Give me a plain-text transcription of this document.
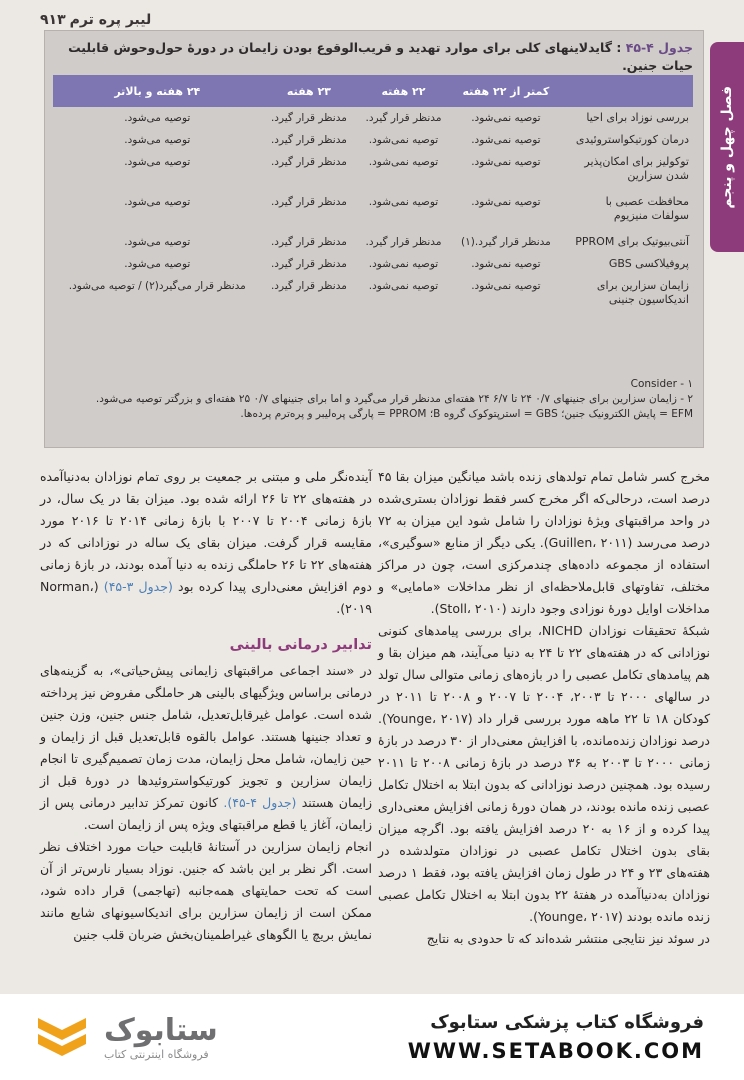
لیبر پره ترم
۹۱۳
فصل چهل و پنجم
جدول ۴-۴۵ : گایدلاینهای کلی برای موارد تهدید و قریب‌الوقوع بودن زایمان در دورهٔ حول‌وحوش قابلیت حیات جنین.
	کمتر از ۲۲ هفته	۲۲ هفته	۲۳ هفته	۲۴ هفته و بالاتر
بررسی نوزاد برای احیا	توصیه نمی‌شود.	مدنظر قرار گیرد.	مدنظر قرار گیرد.	توصیه می‌شود.
درمان کورتیکواستروئیدی	توصیه نمی‌شود.	توصیه نمی‌شود.	مدنظر قرار گیرد.	توصیه می‌شود.
توکولیز برای امکان‌پذیر شدن سزارین	توصیه نمی‌شود.	توصیه نمی‌شود.	مدنظر قرار گیرد.	توصیه می‌شود.
محافظت عصبی با سولفات منیزیوم	توصیه نمی‌شود.	توصیه نمی‌شود.	مدنظر قرار گیرد.	توصیه می‌شود.
آنتی‌بیوتیک برای PPROM	مدنظر قرار گیرد.(۱)	مدنظر قرار گیرد.	مدنظر قرار گیرد.	توصیه می‌شود.
پروفیلاکسی GBS	توصیه نمی‌شود.	توصیه نمی‌شود.	مدنظر قرار گیرد.	توصیه می‌شود.
زایمان سزارین برای اندیکاسیون جنینی	توصیه نمی‌شود.	توصیه نمی‌شود.	مدنظر قرار گیرد.	مدنظر قرار می‌گیرد(۲) / توصیه می‌شود.
۱ - Consider
۲ - زایمان سزارین برای جنینهای ۰/۷ ۲۴ تا ۶/۷ ۲۴ هفته‌ای مدنظر قرار می‌گیرد و اما برای جنینهای ۰/۷ ۲۵ هفته‌ای و بزرگتر توصیه می‌شود.
EFM = پایش الکترونیک جنین؛ GBS = استرپتوکوک گروه B؛ PPROM = پارگی پره‌لیبر و پره‌ترم پرده‌ها.

مخرج کسر شامل تمام تولدهای زنده باشد میانگین میزان بقا ۴۵ درصد است، درحالی‌که اگر مخرج کسر فقط نوزادان بستری‌شده در واحد مراقبتهای ویژهٔ نوزادان را شامل شود این میزان به ۷۲ درصد می‌رسد (Guillen، ۲۰۱۱). یکی دیگر از منابع «سوگیری»، استفاده از مجموعه داده‌های چندمرکزی است، چون در مراکز مختلف، تفاوتهای قابل‌ملاحظه‌ای از نظر مداخلات «مامایی» و مداخلات اوایل دورهٔ نوزادی وجود دارند (Stoll، ۲۰۱۰).

شبکهٔ تحقیقات نوزادان NICHD، برای بررسی پیامدهای کنونی نوزادانی که در هفته‌های ۲۲ تا ۲۴ به دنیا می‌آیند، هم میزان بقا و هم پیامدهای تکامل عصبی را در بازه‌های زمانی متوالی سال تولد در سالهای ۲۰۰۰ تا ۲۰۰۳، ۲۰۰۴ تا ۲۰۰۷ و ۲۰۰۸ تا ۲۰۱۱ در کودکان ۱۸ تا ۲۲ ماهه مورد بررسی قرار داد (Younge، ۲۰۱۷). درصد نوزادان زنده‌مانده، با افزایش معنی‌دار از ۳۰ درصد در بازهٔ زمانی ۲۰۰۰ تا ۲۰۰۳ به ۳۶ درصد در بازهٔ زمانی ۲۰۰۸ تا ۲۰۱۱ رسیده بود. همچنین درصد نوزادانی که بدون ابتلا به اختلال تکامل عصبی زنده مانده بودند، در همان دورهٔ زمانی افزایش معنی‌داری پیدا کرده و از ۱۶ به ۲۰ درصد افزایش یافته بود. اگرچه میزان بقای بدون اختلال تکامل عصبی در نوزادان متولدشده در هفته‌های ۲۳ و ۲۴ در طول زمان افزایش یافته بود، فقط ۱ درصد نوزادان به‌دنیاآمده در هفتهٔ ۲۲ بدون ابتلا به اختلال تکامل عصبی زنده مانده بودند (Younge، ۲۰۱۷).

در سوئد نیز نتایجی منتشر شده‌اند که تا حدودی به نتایج

آینده‌نگر ملی و مبتنی بر جمعیت بر روی تمام نوزادان به‌دنیاآمده در هفته‌های ۲۲ تا ۲۶ ارائه شده بود. میزان بقا در یک سال، در بازهٔ زمانی ۲۰۰۴ تا ۲۰۰۷ با بازهٔ زمانی ۲۰۱۴ تا ۲۰۱۶ مورد مقایسه قرار گرفت. میزان بقای یک ساله در نوزادانی که در هفته‌های ۲۲ تا ۲۶ حاملگی زنده به دنیا آمده بودند، در بازهٔ زمانی دوم افزایش معنی‌داری پیدا کرده بود (جدول ۳-۴۵) (Norman، ۲۰۱۹).

تدابیر درمانی بالینی

در «سند اجماعی مراقبتهای زایمانی پیش‌حیاتی»، به گزینه‌های درمانی براساس ویژگیهای بالینی هر حاملگی مفروض نیز پرداخته شده است. عوامل غیرقابل‌تعدیل، شامل جنس جنین، وزن جنین و تعداد جنینها هستند. عوامل بالقوه قابل‌تعدیل قبل از زایمان و حین زایمان، شامل محل زایمان، مدت زمان تصمیم‌گیری تا انجام زایمان سزارین و تجویز کورتیکواستروئیدها در دورهٔ قبل از زایمان هستند (جدول ۴-۴۵). کانون تمرکز تدابیر درمانی پس از زایمان، آغاز یا قطع مراقبتهای ویژه پس از زایمان است.

انجام زایمان سزارین در آستانهٔ قابلیت حیات مورد اختلاف نظر است. اگر نظر بر این باشد که جنین. نوزاد بسیار نارس‌تر از آن است که تحت حمایتهای همه‌جانبه (تهاجمی) قرار داده شود، ممکن است از زایمان سزارین برای اندیکاسیونهای شایع مانند نمایش بریچ یا الگوهای غیراطمینان‌بخش ضربان قلب جنین

ستابوک
فروشگاه اینترنتی کتاب
فروشگاه کتاب پزشکی ستابوک
WWW.SETABOOK.COM
